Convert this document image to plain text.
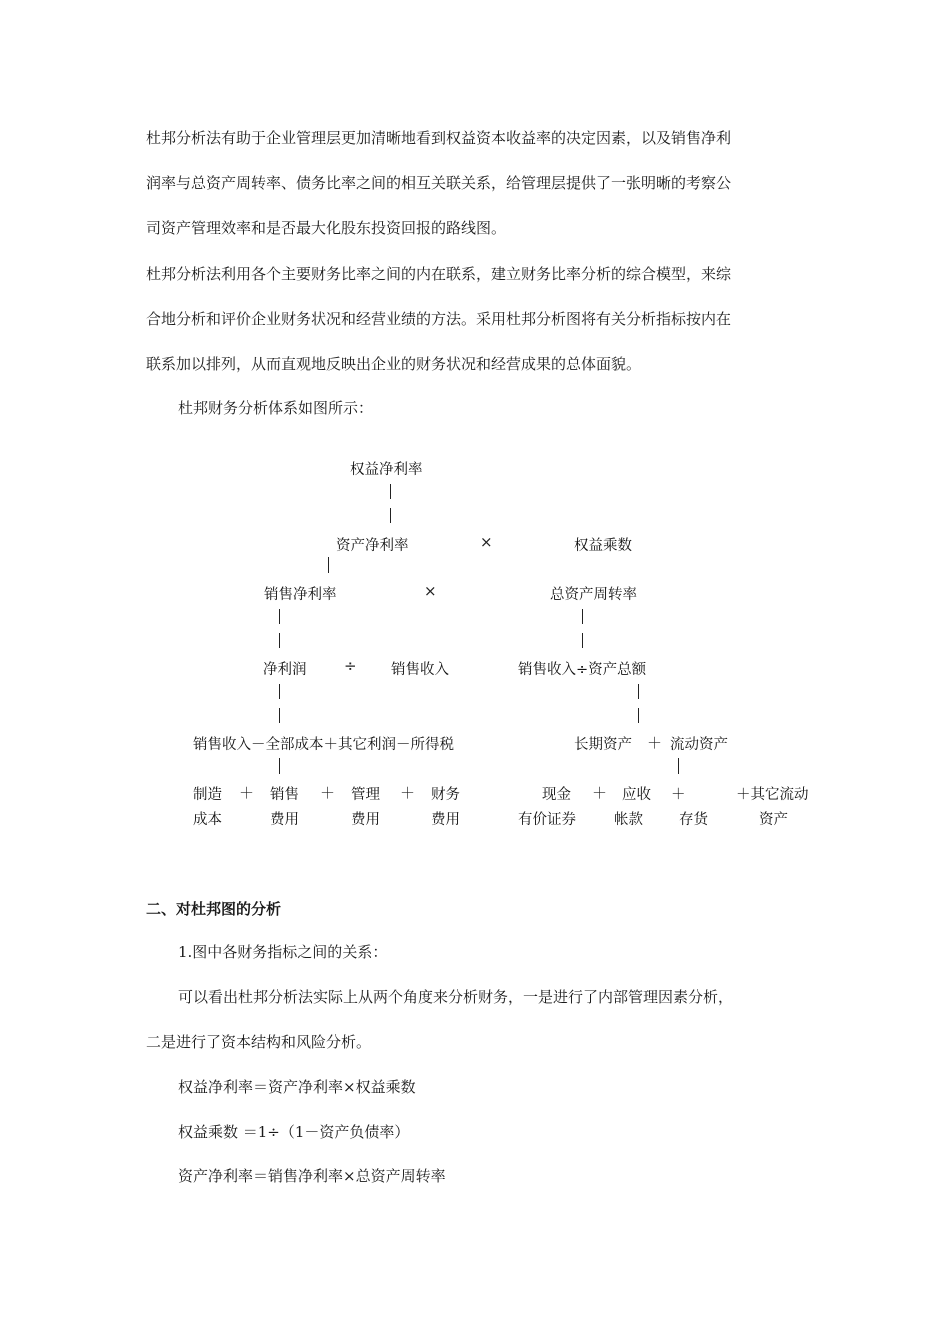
杜邦分析法有助于企业管理层更加清晰地看到权益资本收益率的决定因素，以及销售净利
润率与总资产周转率、债务比率之间的相互关联关系，给管理层提供了一张明晰的考察公
司资产管理效率和是否最大化股东投资回报的路线图。
杜邦分析法利用各个主要财务比率之间的内在联系，建立财务比率分析的综合模型，来综
合地分析和评价企业财务状况和经营业绩的方法。采用杜邦分析图将有关分析指标按内在
联系加以排列，从而直观地反映出企业的财务状况和经营成果的总体面貌。
杜邦财务分析体系如图所示：
权益净利率
资产净利率	×	权益乘数
销售净利率	×	总资产周转率
净利润	÷ 销售收入	销售收入÷资产总额
销售收入－全部成本＋其它利润－所得税	长期资产 ＋ 流动资产
制造
成本
＋ 销售
费用
＋ 管理
费用
＋ 财务
费用
现金
有价证券
＋ 应收
帐款
＋
存货
＋其它流动
资产
二、对杜邦图的分析
1.图中各财务指标之间的关系：
可以看出杜邦分析法实际上从两个角度来分析财务，一是进行了内部管理因素分析，
二是进行了资本结构和风险分析。
权益净利率＝资产净利率×权益乘数
权益乘数 ＝1÷（1－资产负债率）
资产净利率＝销售净利率×总资产周转率
